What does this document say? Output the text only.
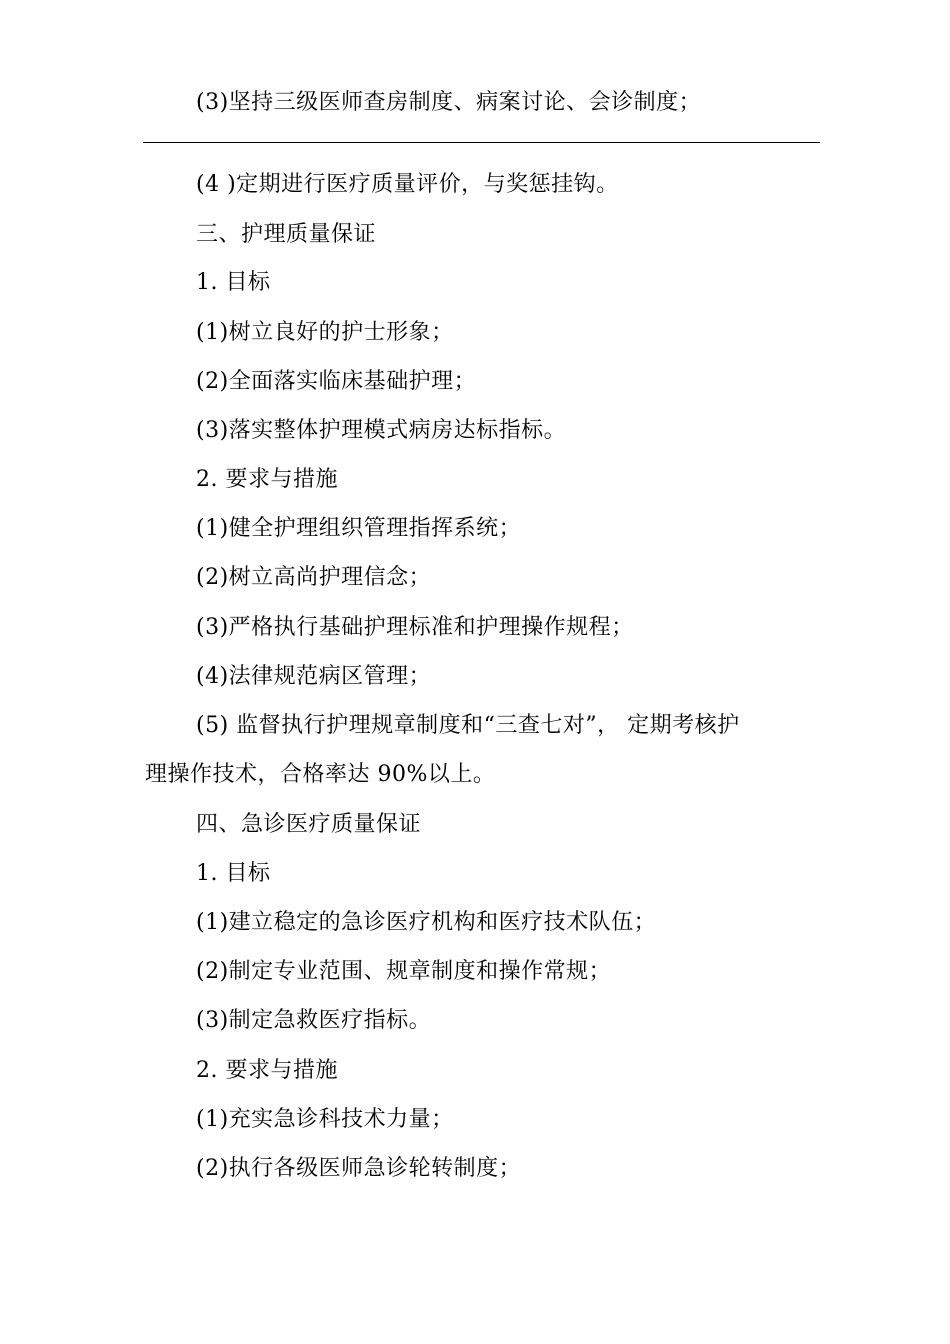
(3)坚持三级医师查房制度、病案讨论、会诊制度；
(4 )定期进行医疗质量评价，与奖惩挂钩。
三、护理质量保证
1. 目标
(1)树立良好的护士形象；
(2)全面落实临床基础护理；
(3)落实整体护理模式病房达标指标。
2. 要求与措施
(1)健全护理组织管理指挥系统；
(2)树立高尚护理信念；
(3)严格执行基础护理标准和护理操作规程；
(4)法律规范病区管理；
(5) 监督执行护理规章制度和“三查七对”， 定期考核护
理操作技术，合格率达 90%以上。
四、急诊医疗质量保证
1. 目标
(1)建立稳定的急诊医疗机构和医疗技术队伍；
(2)制定专业范围、规章制度和操作常规；
(3)制定急救医疗指标。
2. 要求与措施
(1)充实急诊科技术力量；
(2)执行各级医师急诊轮转制度；
